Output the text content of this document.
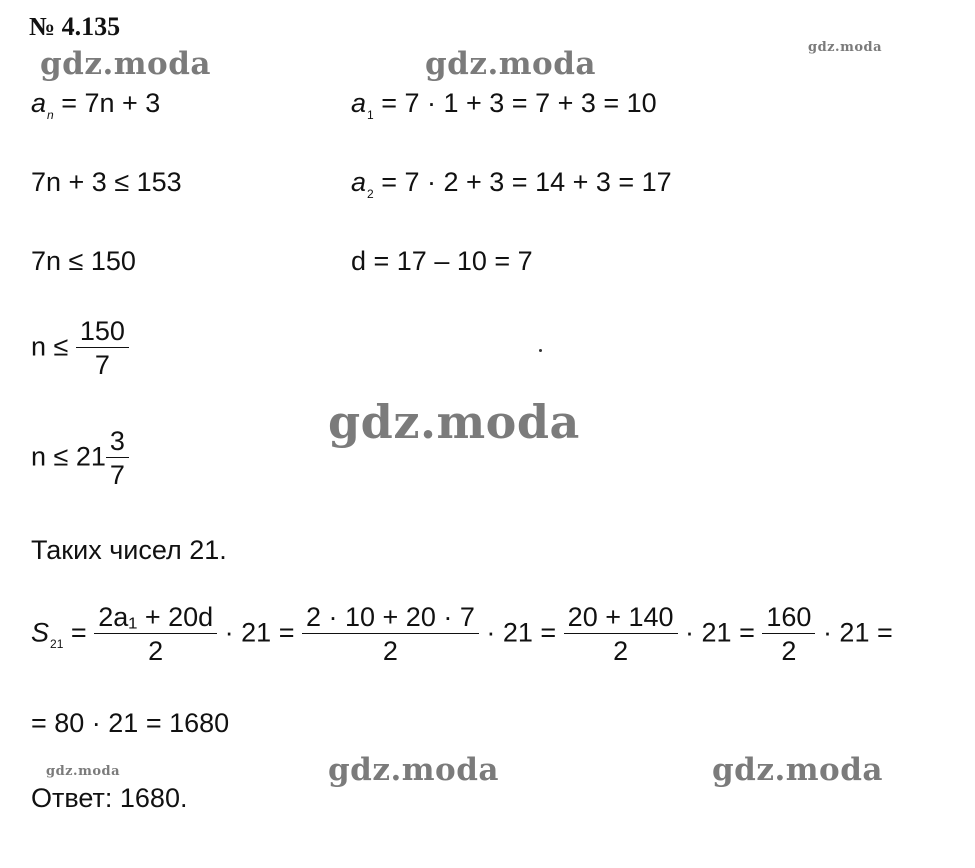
№ 4.135
gdz.moda	gdz.moda	gdz.moda
gdz.moda
gdz.moda	gdz.moda	gdz.moda
$a_n = 7n + 3$
7n + 3 ≤ 153
7n ≤ 150
$n \le \frac{150}{7}$
$n \le 21 \frac{3}{7}$
$a_1 = 7 \cdot 1 + 3 = 7 + 3 = 10$
$a_2 = 7 \cdot 2 + 3 = 14 + 3 = 17$
d = 17 – 10 = 7
Таких чисел 21.
$S_{21} = \frac{\text{2a₁ + 20d}}{2} \cdot 21 = \frac{2 \cdot 10 + 20 \cdot 7}{2} \cdot 21 = \frac{20 + 140}{2} \cdot 21 = \frac{160}{2} \cdot 21$ =
= 80 · 21 = 1680
Ответ: 1680.
